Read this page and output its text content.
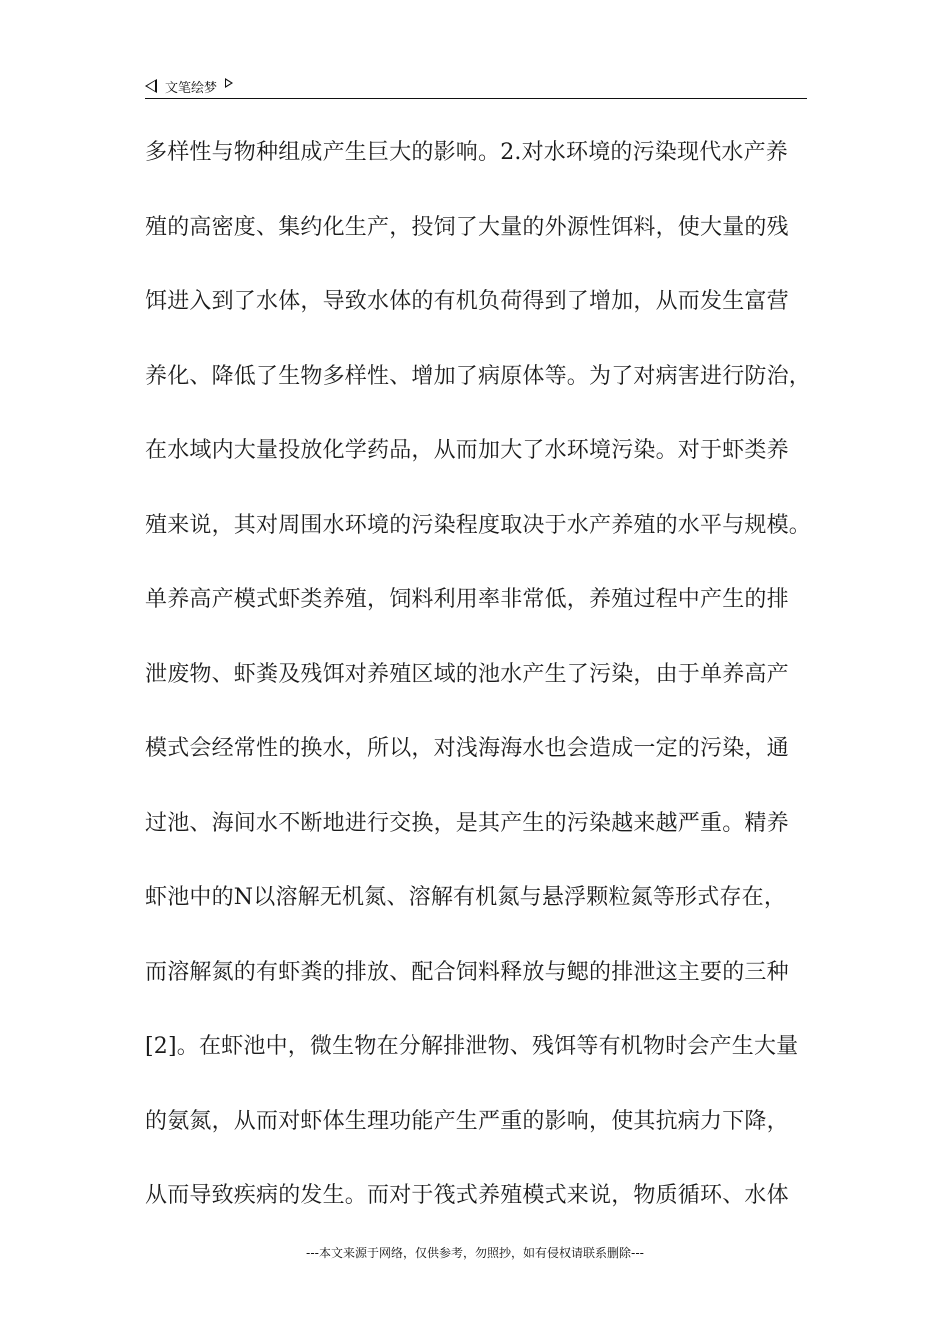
文笔绘梦
多样性与物种组成产生巨大的影响。2.对水环境的污染现代水产养
殖的高密度、集约化生产，投饲了大量的外源性饵料，使大量的残
饵进入到了水体，导致水体的有机负荷得到了增加，从而发生富营
养化、降低了生物多样性、增加了病原体等。为了对病害进行防治，
在水域内大量投放化学药品，从而加大了水环境污染。对于虾类养
殖来说，其对周围水环境的污染程度取决于水产养殖的水平与规模。
单养高产模式虾类养殖，饲料利用率非常低，养殖过程中产生的排
泄废物、虾粪及残饵对养殖区域的池水产生了污染，由于单养高产
模式会经常性的换水，所以，对浅海海水也会造成一定的污染，通
过池、海间水不断地进行交换，是其产生的污染越来越严重。精养
虾池中的N以溶解无机氮、溶解有机氮与悬浮颗粒氮等形式存在，
而溶解氮的有虾粪的排放、配合饲料释放与鳃的排泄这主要的三种
[2]。在虾池中，微生物在分解排泄物、残饵等有机物时会产生大量
的氨氮，从而对虾体生理功能产生严重的影响，使其抗病力下降，
从而导致疾病的发生。而对于筏式养殖模式来说，物质循环、水体
---本文来源于网络，仅供参考，勿照抄，如有侵权请联系删除---
